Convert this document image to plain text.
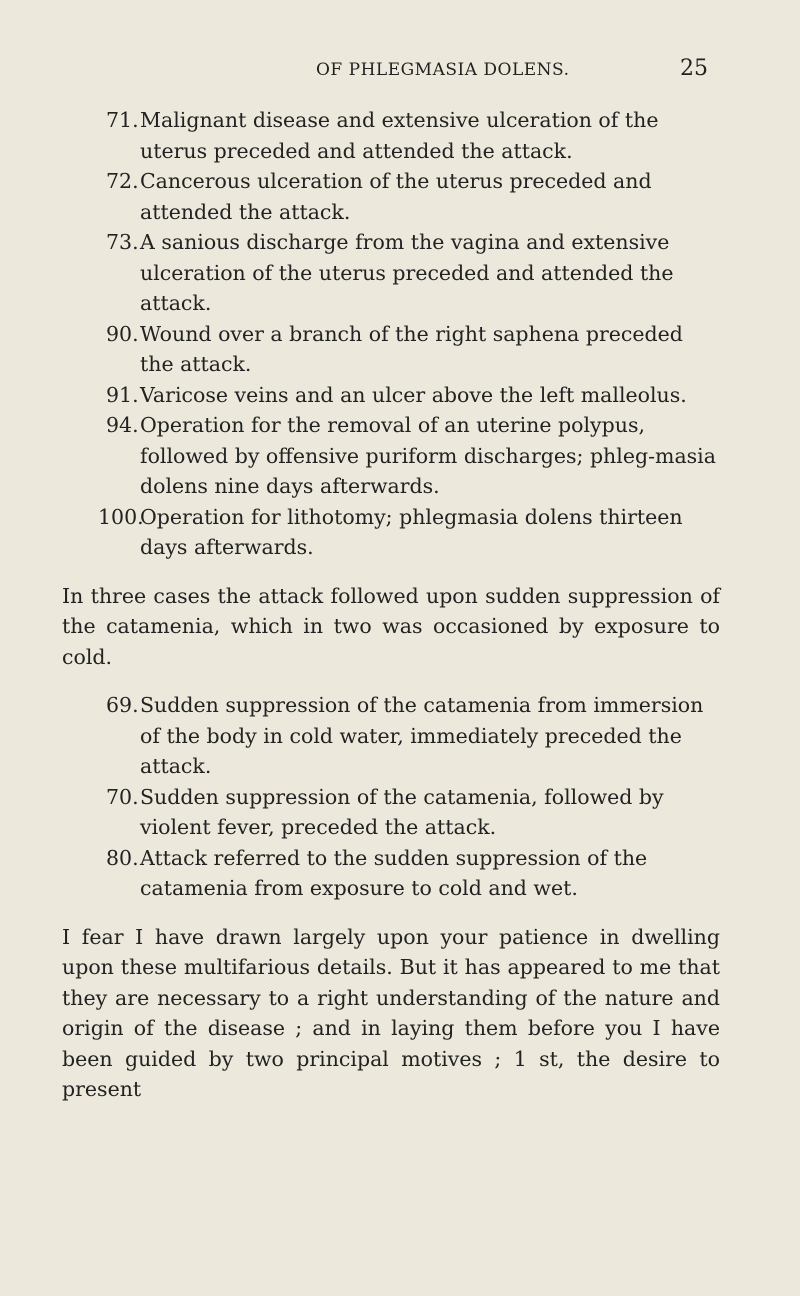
OF PHLEGMASIA DOLENS.	25

71. Malignant disease and extensive ulceration of the uterus preceded and attended the attack.

72. Cancerous ulceration of the uterus preceded and attended the attack.

73. A sanious discharge from the vagina and extensive ulceration of the uterus preceded and attended the attack.

90. Wound over a branch of the right saphena preceded the attack.

91. Varicose veins and an ulcer above the left malleolus.

94. Operation for the removal of an uterine polypus, followed by offensive puriform discharges; phleg-masia dolens nine days afterwards.

100.
Operation for lithotomy; phlegmasia dolens thirteen days afterwards.

In three cases the attack followed upon sudden suppression of the catamenia, which in two was occasioned by exposure to cold.

69. Sudden suppression of the catamenia from immersion of the body in cold water, immediately preceded the attack.

70. Sudden suppression of the catamenia, followed by violent fever, preceded the attack.

80. Attack referred to the sudden suppression of the catamenia from exposure to cold and wet.

I fear I have drawn largely upon your patience in dwelling upon these multifarious details. But it has appeared to me that they are necessary to a right understanding of the nature and origin of the disease ; and in laying them before you I have been guided by two principal motives ; 1 st, the desire to present
